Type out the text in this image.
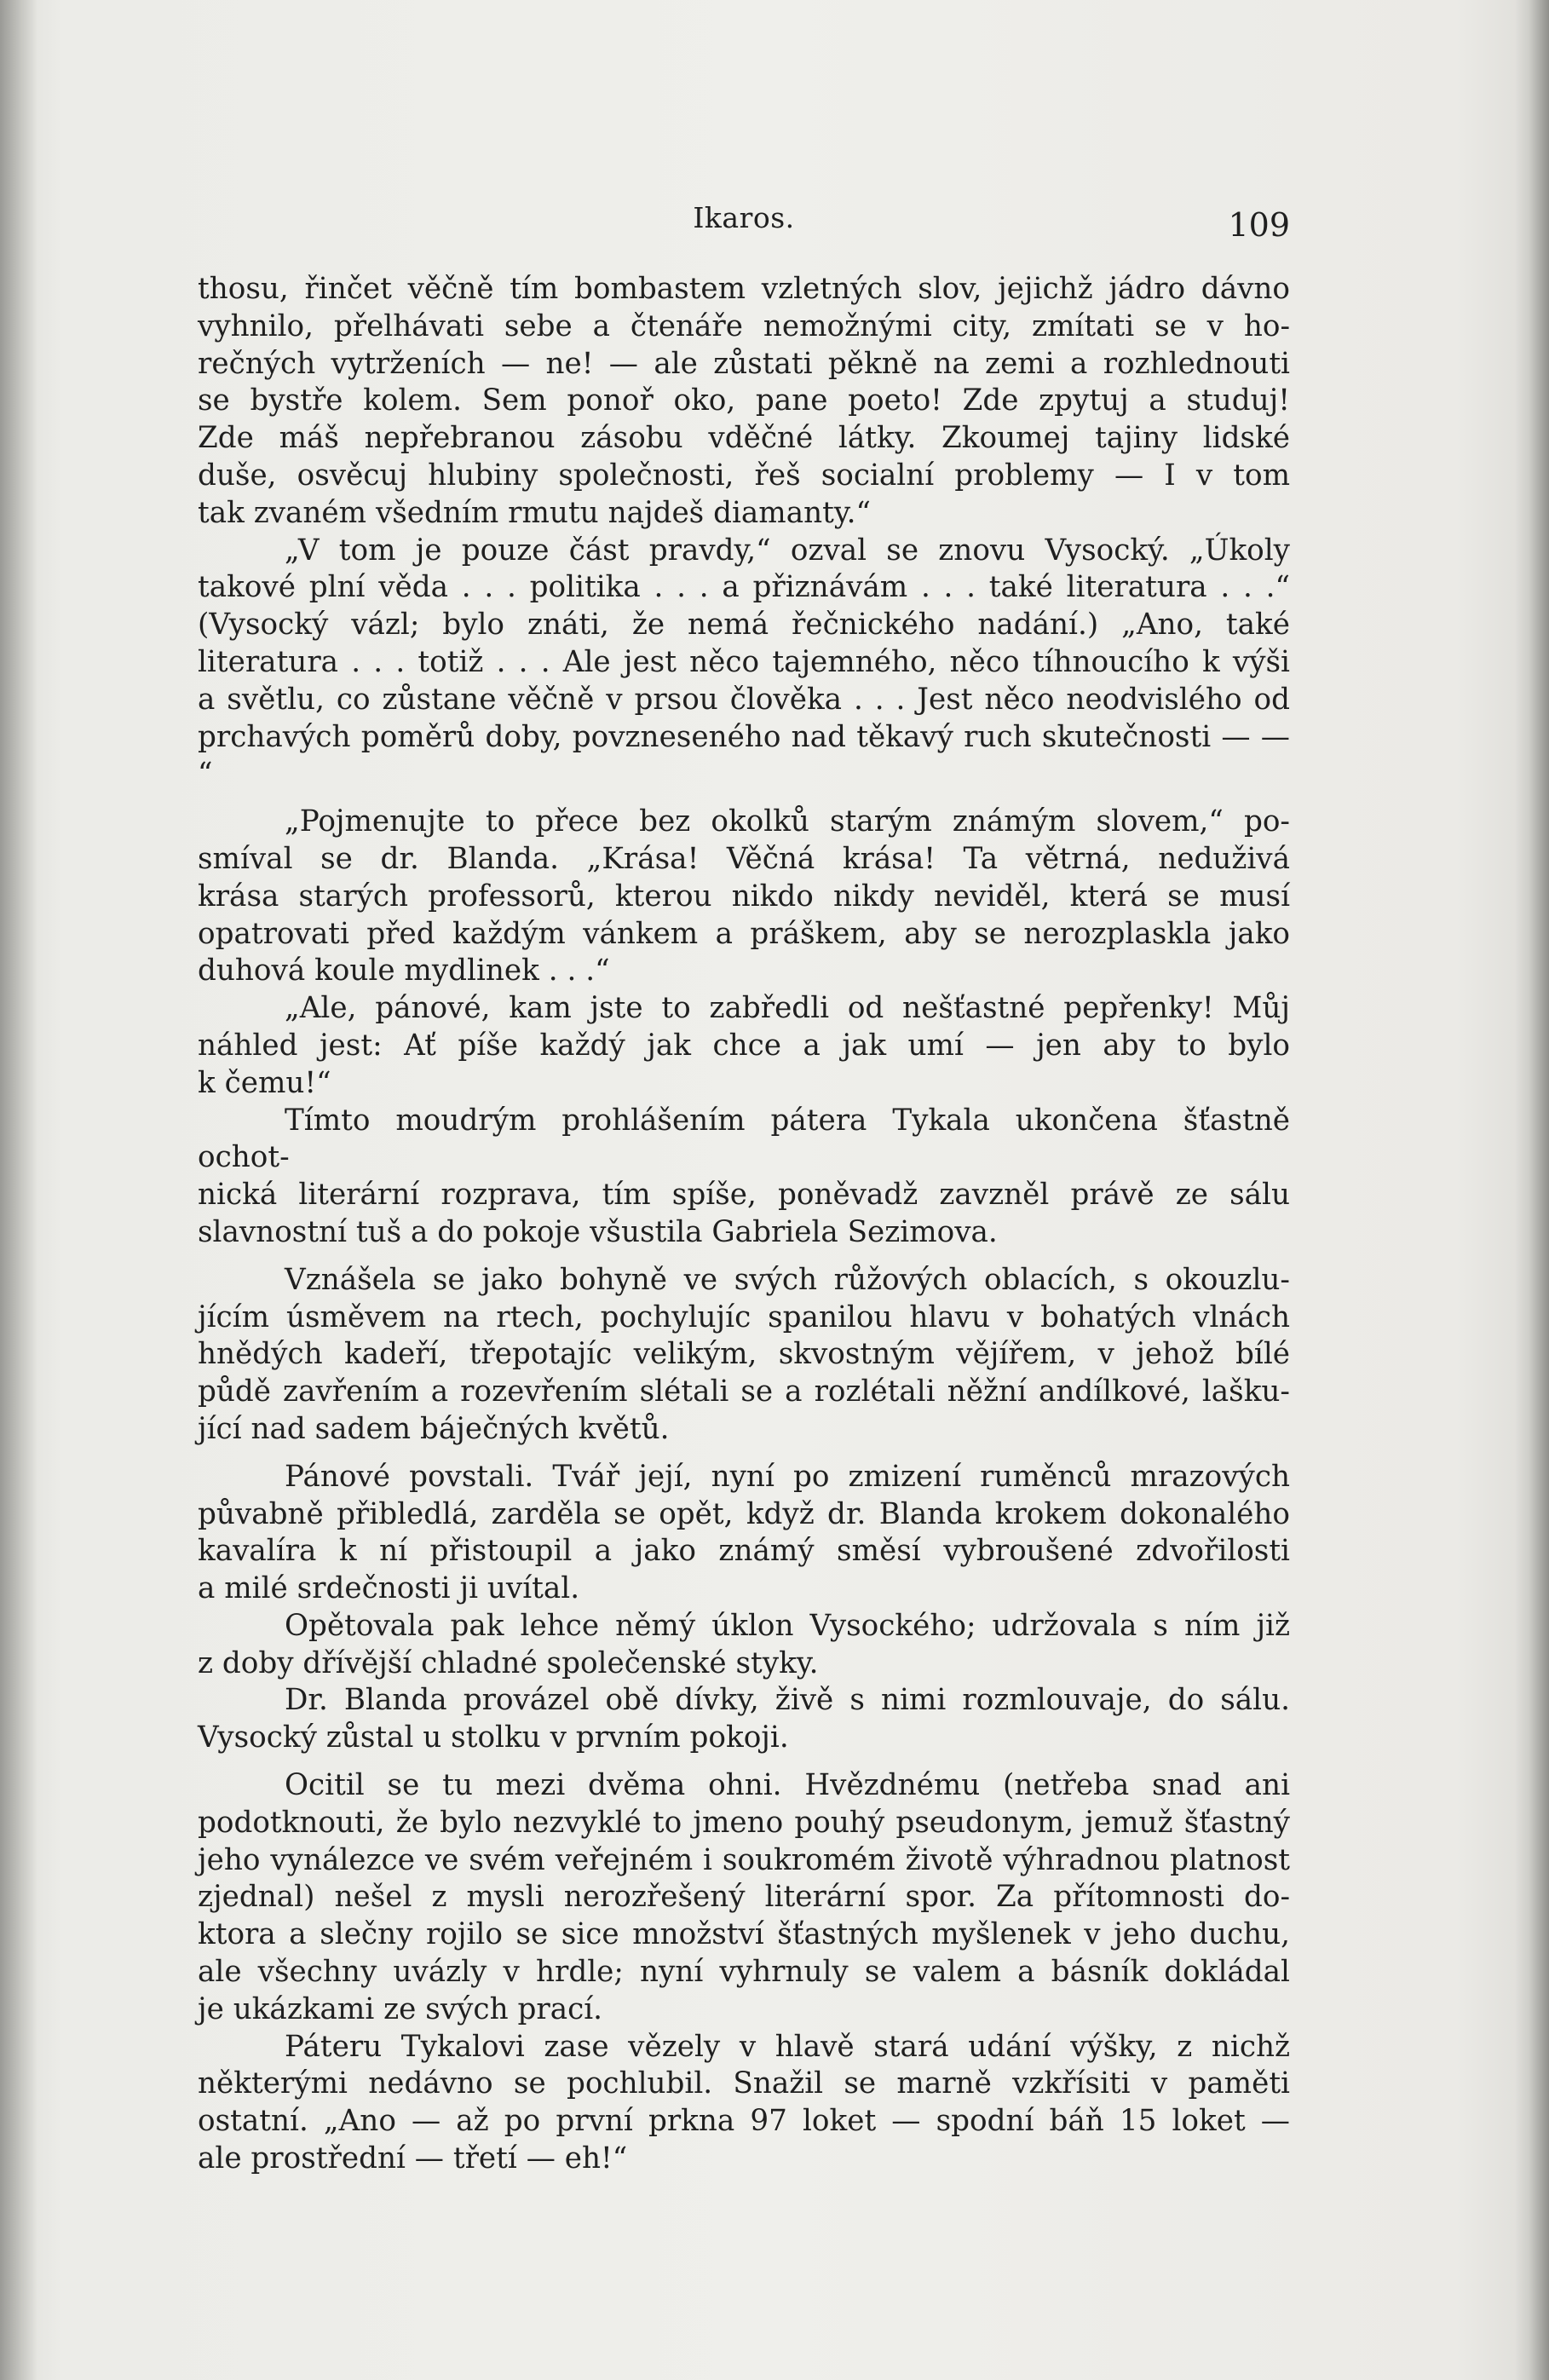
Ikaros.	109

thosu, řinčet věčně tím bombastem vzletných slov, jejichž jádro dávno

vyhnilo, přelhávati sebe a čtenáře nemožnými city, zmítati se v ho-

rečných vytrženích — ne! — ale zůstati pěkně na zemi a rozhlednouti

se bystře kolem. Sem ponoř oko, pane poeto! Zde zpytuj a studuj!

Zde máš nepřebranou zásobu vděčné látky. Zkoumej tajiny lidské

duše, osvěcuj hlubiny společnosti, řeš socialní problemy — I v tom

tak zvaném všedním rmutu najdeš diamanty.“

„V tom je pouze část pravdy,“ ozval se znovu Vysocký. „Úkoly

takové plní věda . . . politika . . . a přiznávám . . . také literatura . . .“

(Vysocký vázl; bylo znáti, že nemá řečnického nadání.) „Ano, také

literatura . . . totiž . . . Ale jest něco tajemného, něco tíhnoucího k výši

a světlu, co zůstane věčně v prsou člověka . . . Jest něco neodvislého od

prchavých poměrů doby, povzneseného nad těkavý ruch skutečnosti — — “

„Pojmenujte to přece bez okolků starým známým slovem,“ po-

smíval se dr. Blanda. „Krása! Věčná krása! Ta větrná, neduživá

krása starých professorů, kterou nikdo nikdy neviděl, která se musí

opatrovati před každým vánkem a práškem, aby se nerozplaskla jako

duhová koule mydlinek . . .“

„Ale, pánové, kam jste to zabředli od nešťastné pepřenky! Můj

náhled jest: Ať píše každý jak chce a jak umí — jen aby to bylo

k čemu!“

Tímto moudrým prohlášením pátera Tykala ukončena šťastně ochot-

nická literární rozprava, tím spíše, poněvadž zavzněl právě ze sálu

slavnostní tuš a do pokoje všustila Gabriela Sezimova.

Vznášela se jako bohyně ve svých růžových oblacích, s okouzlu-

jícím úsměvem na rtech, pochylujíc spanilou hlavu v bohatých vlnách

hnědých kadeří, třepotajíc velikým, skvostným vějířem, v jehož bílé

půdě zavřením a rozevřením slétali se a rozlétali něžní andílkové, lašku-

jící nad sadem báječných květů.

Pánové povstali. Tvář její, nyní po zmizení ruměnců mrazových

půvabně přibledlá, zarděla se opět, když dr. Blanda krokem dokonalého

kavalíra k ní přistoupil a jako známý směsí vybroušené zdvořilosti

a milé srdečnosti ji uvítal.

Opětovala pak lehce němý úklon Vysockého; udržovala s ním již

z doby dřívější chladné společenské styky.

Dr. Blanda provázel obě dívky, živě s nimi rozmlouvaje, do sálu.

Vysocký zůstal u stolku v prvním pokoji.

Ocitil se tu mezi dvěma ohni. Hvězdnému (netřeba snad ani

podotknouti, že bylo nezvyklé to jmeno pouhý pseudonym, jemuž šťastný

jeho vynálezce ve svém veřejném i soukromém životě výhradnou platnost

zjednal) nešel z mysli nerozřešený literární spor. Za přítomnosti do-

ktora a slečny rojilo se sice množství šťastných myšlenek v jeho duchu,

ale všechny uvázly v hrdle; nyní vyhrnuly se valem a básník dokládal

je ukázkami ze svých prací.

Páteru Tykalovi zase vězely v hlavě stará udání výšky, z nichž

některými nedávno se pochlubil. Snažil se marně vzkřísiti v paměti

ostatní. „Ano — až po první prkna 97 loket — spodní báň 15 loket —

ale prostřední — třetí — eh!“
